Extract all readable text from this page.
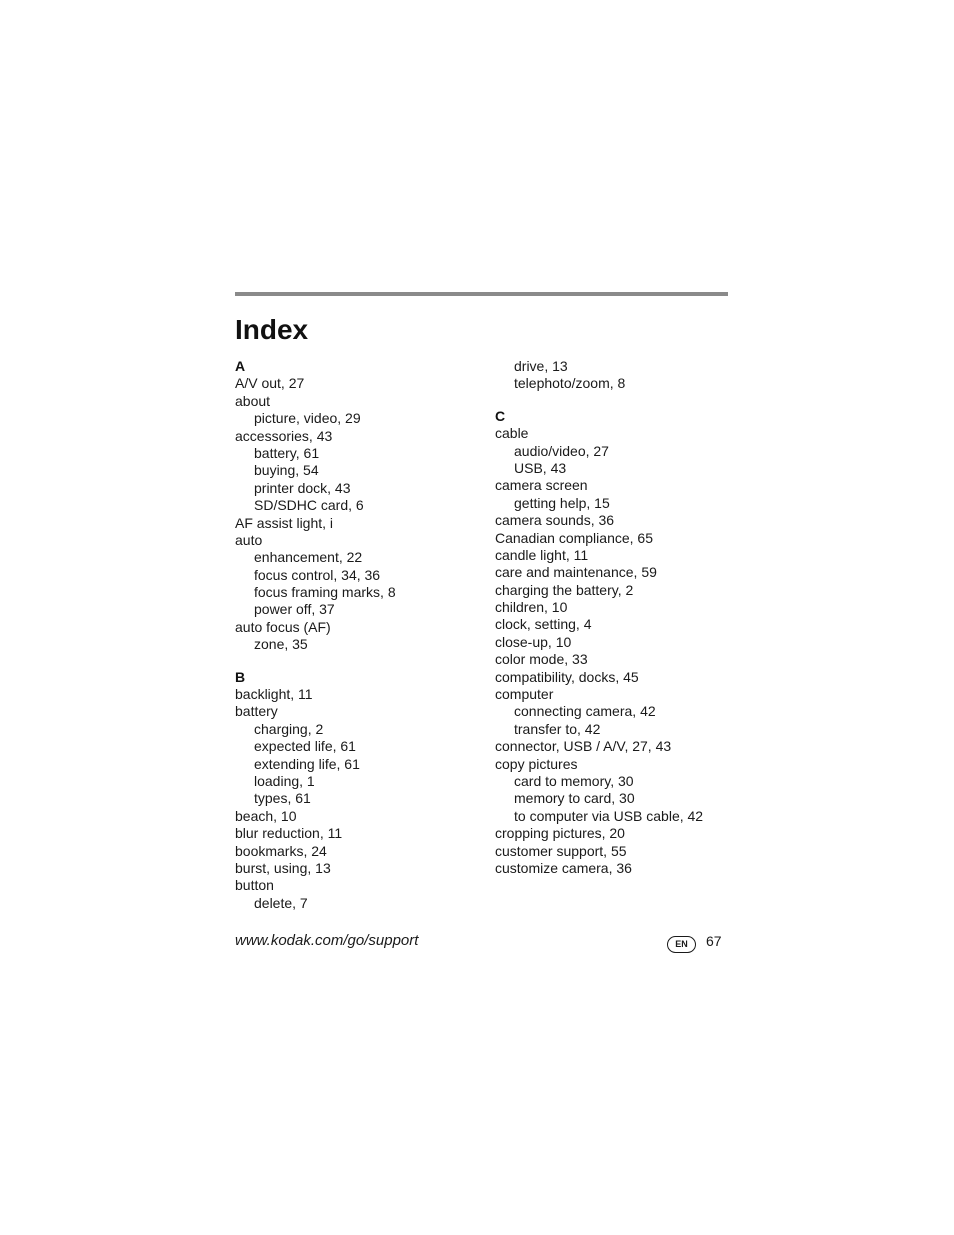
Index
A
A/V out, 27
about
picture, video, 29
accessories, 43
battery, 61
buying, 54
printer dock, 43
SD/SDHC card, 6
AF assist light, i
auto
enhancement, 22
focus control, 34, 36
focus framing marks, 8
power off, 37
auto focus (AF)
zone, 35
B
backlight, 11
battery
charging, 2
expected life, 61
extending life, 61
loading, 1
types, 61
beach, 10
blur reduction, 11
bookmarks, 24
burst, using, 13
button
delete, 7
drive, 13
telephoto/zoom, 8
C
cable
audio/video, 27
USB, 43
camera screen
getting help, 15
camera sounds, 36
Canadian compliance, 65
candle light, 11
care and maintenance, 59
charging the battery, 2
children, 10
clock, setting, 4
close-up, 10
color mode, 33
compatibility, docks, 45
computer
connecting camera, 42
transfer to, 42
connector, USB / A/V, 27, 43
copy pictures
card to memory, 30
memory to card, 30
to computer via USB cable, 42
cropping pictures, 20
customer support, 55
customize camera, 36
www.kodak.com/go/support	EN	67
